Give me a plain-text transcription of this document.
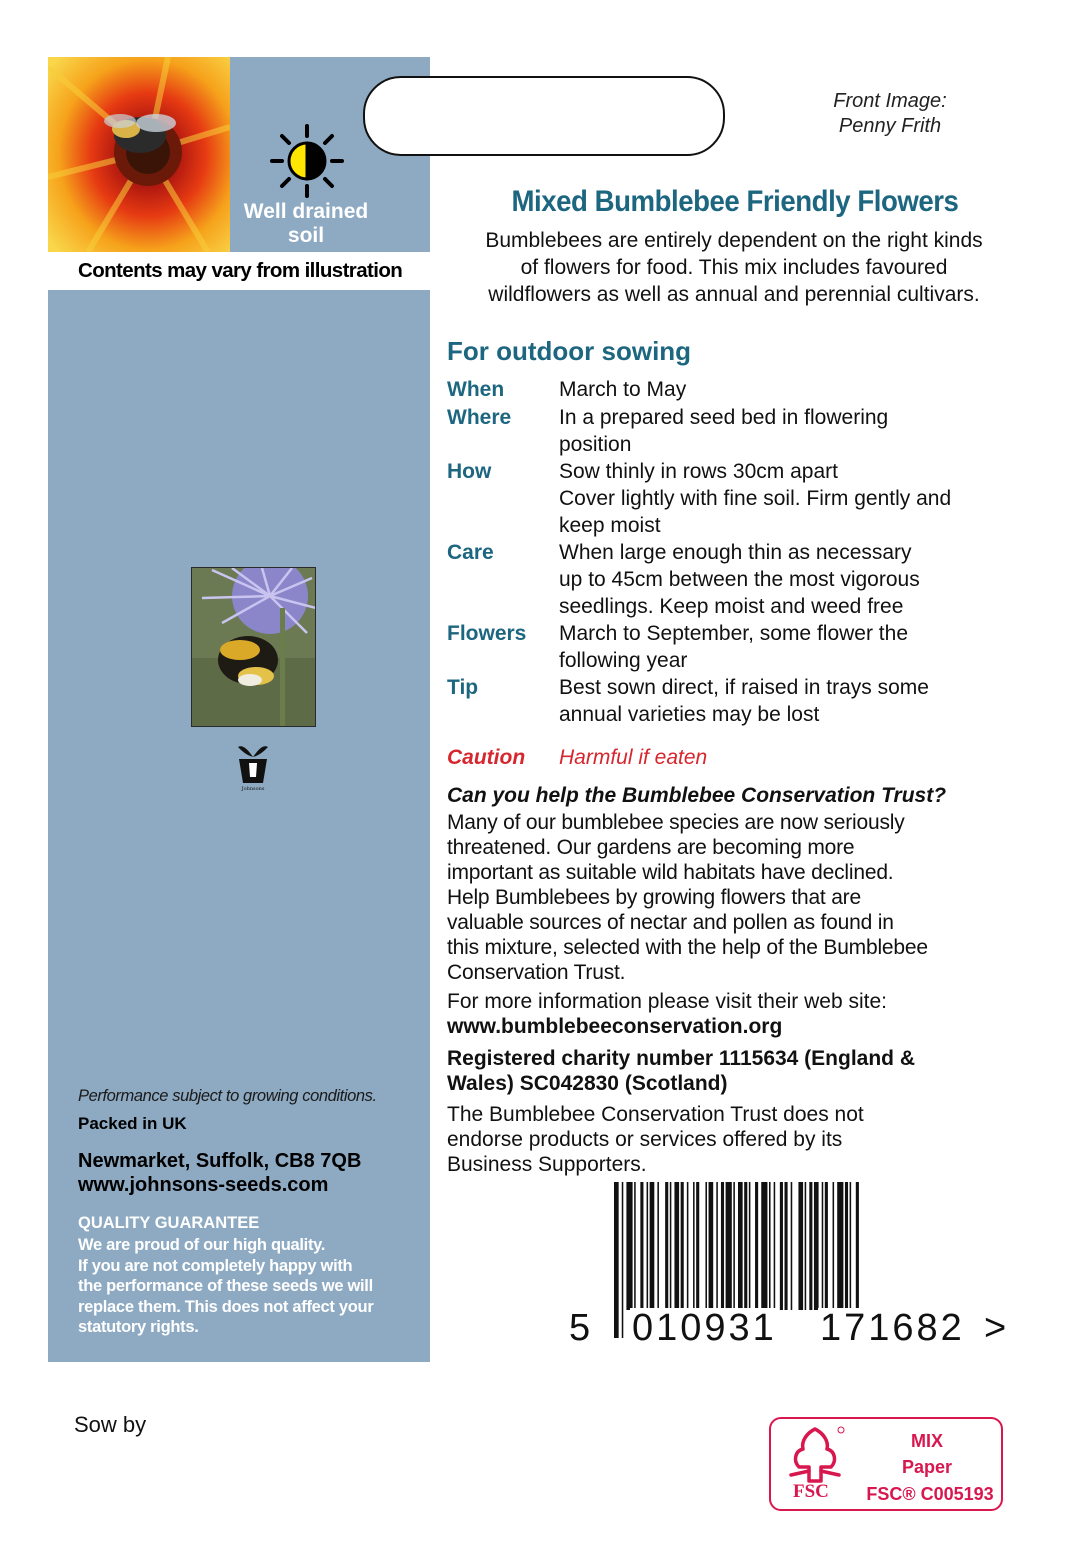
Well drained
soil
Contents may vary from illustration
Johnsons
Performance subject to growing conditions.
Packed in UK
Newmarket, Suffolk, CB8 7QB
www.johnsons-seeds.com
QUALITY GUARANTEE
We are proud of our high quality.
If you are not completely happy with
the performance of these seeds we will
replace them. This does not affect your
statutory rights.
Front Image:
Penny Frith
Mixed Bumblebee Friendly Flowers
Bumblebees are entirely dependent on the right kinds
of flowers for food. This mix includes favoured
wildflowers as well as annual and perennial cultivars.
For outdoor sowing
When	March to May
Where In a prepared seed bed in flowering
position
How	Sow thinly in rows 30cm apart
Cover lightly with fine soil. Firm gently and
keep moist
Care	When large enough thin as necessary
up to 45cm between the most vigorous
seedlings. Keep moist and weed free
Flowers March to September, some flower the
following year
Tip	Best sown direct, if raised in trays some
annual varieties may be lost
Caution Harmful if eaten
Can you help the Bumblebee Conservation Trust?
Many of our bumblebee species are now seriously
threatened. Our gardens are becoming more
important as suitable wild habitats have declined.
Help Bumblebees by growing flowers that are
valuable sources of nectar and pollen as found in
this mixture, selected with the help of the Bumblebee
Conservation Trust.
For more information please visit their web site:
www.bumblebeeconservation.org
Registered charity number 1115634 (England &
Wales) SC042830 (Scotland)
The Bumblebee Conservation Trust does not
endorse products or services offered by its
Business Supporters.
5 010931 171682 >
Sow by
FSC
MIX
Paper
FSC® C005193
